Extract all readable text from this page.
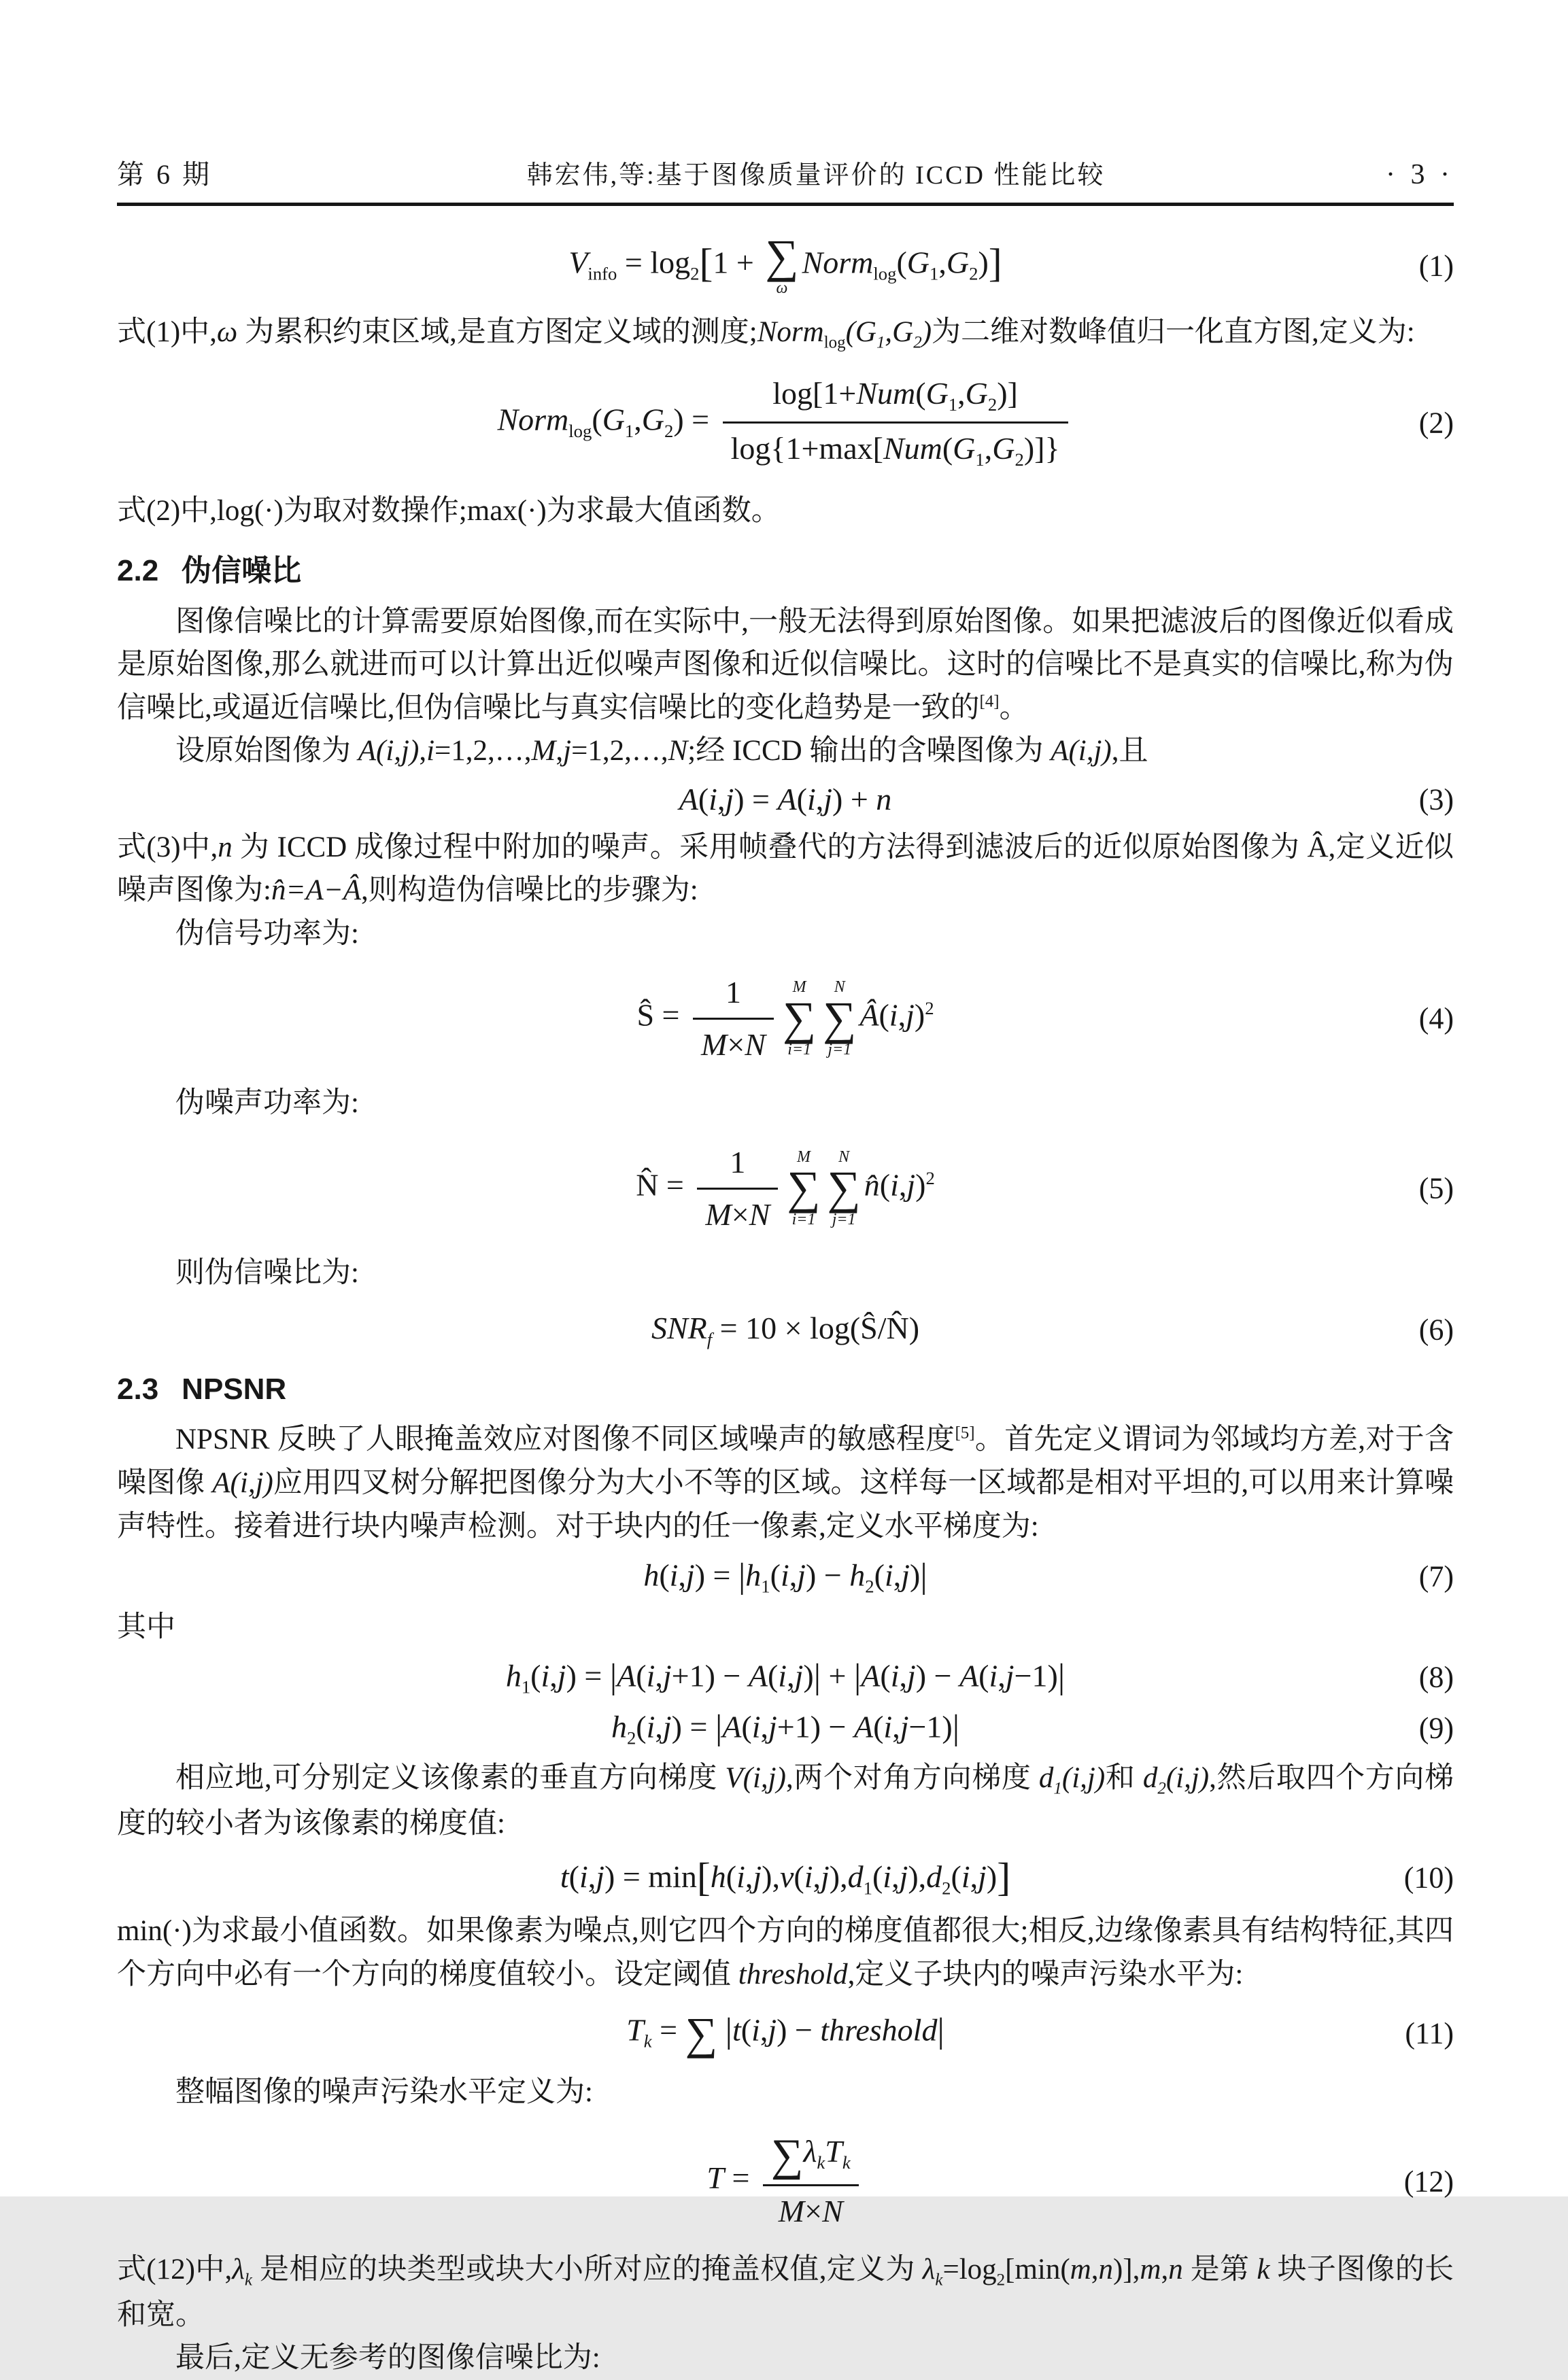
第 6 期	韩宏伟,等:基于图像质量评价的 ICCD 性能比较	· 3 ·
$V_{info} = \log_2[1$ + ∑
ω
$Norm_{log}(G_1,G_2)$]	(1)

式(1)中,ω 为累积约束区域,是直方图定义域的测度$;Norm_{log}(G_1,G_2)$为二维对数峰值归一化直方图,定义为:

$Norm_{log}(G_1,G_2) = \frac{\log[1+Num(G_1,G_2)]}{\log\{1+\max[Num(G_1,G_2)]\}}$	(2)

式(2)中,log(·)为取对数操作;max(·)为求最大值函数。

2.2 伪信噪比

图像信噪比的计算需要原始图像,而在实际中,一般无法得到原始图像。如果把滤波后的图像近似看成是原始图像,那么就进而可以计算出近似噪声图像和近似信噪比。这时的信噪比不是真实的信噪比,称为伪信噪比,或逼近信噪比,但伪信噪比与真实信噪比的变化趋势是一致的[4]。

设原始图像为 A(i,j),i=1,2,…,M,j=1,2,…,N;经 ICCD 输出的含噪图像为 A(i,j),且

A(i,j) = A(i,j) + n	(3)

式(3)中,n 为 ICCD 成像过程中附加的噪声。采用帧叠代的方法得到滤波后的近似原始图像为 Â,定义近似噪声图像为:n̂=A−Â,则构造伪信噪比的步骤为:

伪信号功率为:

Ŝ = $\frac{1}{M\times N}$ M
∑
i=1
N
∑
j=1
$Â(i,j)^2$	(4)

伪噪声功率为:

N̂ = $\frac{1}{M\times N}$ M
∑
i=1
N
∑
j=1
$n̂(i,j)^2$	(5)

则伪信噪比为:

$SNR_f = 10$ × log(Ŝ/N̂)	(6)
2.3 NPSNR

NPSNR 反映了人眼掩盖效应对图像不同区域噪声的敏感程度[5]。首先定义谓词为邻域均方差,对于含噪图像 A(i,j)应用四叉树分解把图像分为大小不等的区域。这样每一区域都是相对平坦的,可以用来计算噪声特性。接着进行块内噪声检测。对于块内的任一像素,定义水平梯度为:

$h(i,j) = |h_1(i,j) - h_2(i,j)|$	(7)

其中

$h_1(i,j) = |A(i,j+1) - A(i,j)| + |A(i,j) - A(i,j-1)|$	(8)
$h_2(i,j) = |A(i,j+1) - A(i,j-1)|$	(9)

相应地,可分别定义该像素的垂直方向梯度 V(i,j),两个对角方向梯度 $d_1(i,j)$和 $d_2(i,j)$,然后取四个方向梯度的较小者为该像素的梯度值:

$t(i,j) = \min[h(i,j),v(i,j),d_1(i,j),d_2(i,j)]$	(10)

min(·)为求最小值函数。如果像素为噪点,则它四个方向的梯度值都很大;相反,边缘像素具有结构特征,其四个方向中必有一个方向的梯度值较小。设定阈值 threshold,定义子块内的噪声污染水平为:

$T_k$ = ∑ |t(i,j) − threshold|	(11)

整幅图像的噪声污染水平定义为:

$T = \frac{\sum\lambda_kT_k}{M\times N}$	(12)

式(12)中$,\lambda_k$ 是相应的块类型或块大小所对应的掩盖权值,定义为 $\lambda_k=\log_2[\min(m,n)],m,n$ 是第 k 块子图像的长和宽。

最后,定义无参考的图像信噪比为:
